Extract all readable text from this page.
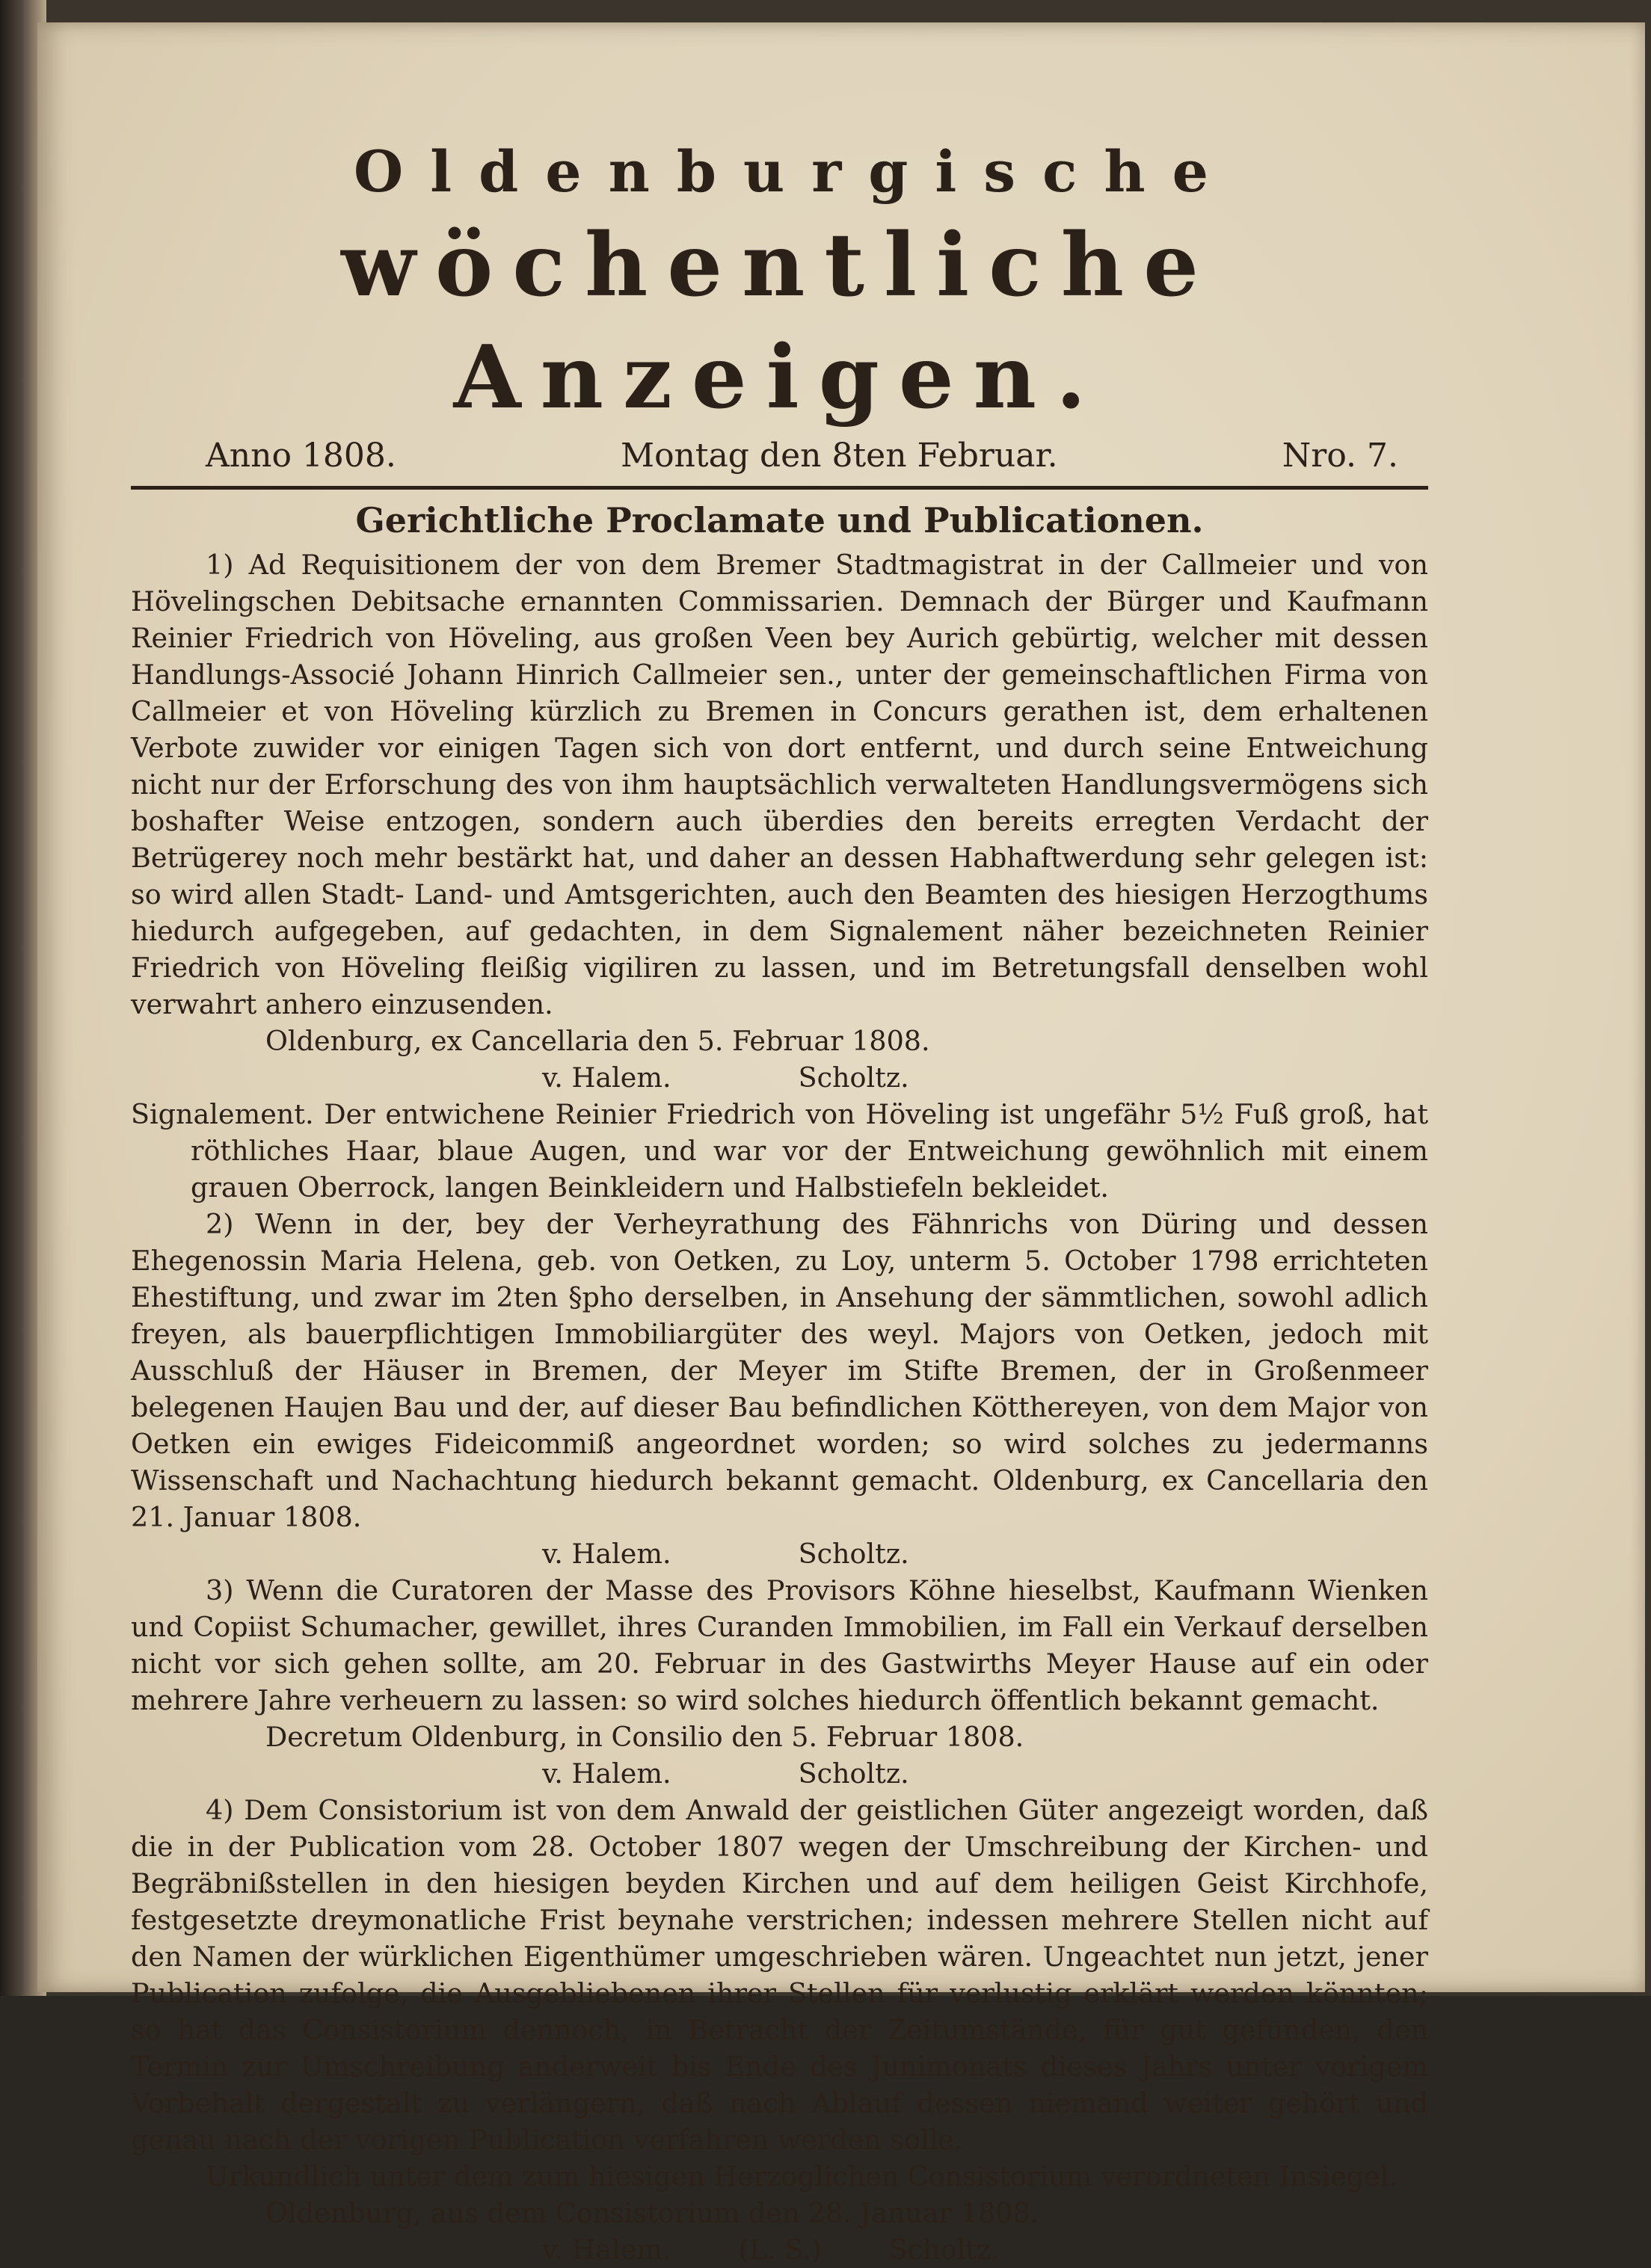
Oldenburgische
wöchentliche Anzeigen.
Anno 1808.	Montag den 8ten Februar.	Nro. 7.
Gerichtliche Proclamate und Publicationen.

1) Ad Requisitionem der von dem Bremer Stadtmagistrat in der Callmeier und von Hövelingschen Debitsache ernannten Commissarien. Demnach der Bürger und Kaufmann Reinier Friedrich von Höveling, aus großen Veen bey Aurich gebürtig, welcher mit dessen Handlungs-Associé Johann Hinrich Callmeier sen., unter der gemeinschaftlichen Firma von Callmeier et von Höveling kürzlich zu Bremen in Concurs gerathen ist, dem erhaltenen Verbote zuwider vor einigen Tagen sich von dort entfernt, und durch seine Entweichung nicht nur der Erforschung des von ihm hauptsächlich verwalteten Handlungsvermögens sich boshafter Weise entzogen, sondern auch überdies den bereits erregten Verdacht der Betrügerey noch mehr bestärkt hat, und daher an dessen Habhaftwerdung sehr gelegen ist: so wird allen Stadt- Land- und Amtsgerichten, auch den Beamten des hiesigen Herzogthums hiedurch aufgegeben, auf gedachten, in dem Signalement näher bezeichneten Reinier Friedrich von Höveling fleißig vigiliren zu lassen, und im Betretungsfall denselben wohl verwahrt anhero einzusenden.

Oldenburg, ex Cancellaria den 5. Februar 1808.

v. Halem.	Scholtz.

Signalement. Der entwichene Reinier Friedrich von Höveling ist ungefähr 5½ Fuß groß, hat röthliches Haar, blaue Augen, und war vor der Entweichung gewöhnlich mit einem grauen Oberrock, langen Beinkleidern und Halbstiefeln bekleidet.

2) Wenn in der, bey der Verheyrathung des Fähnrichs von Düring und dessen Ehegenossin Maria Helena, geb. von Oetken, zu Loy, unterm 5. October 1798 errichteten Ehestiftung, und zwar im 2ten §pho derselben, in Ansehung der sämmtlichen, sowohl adlich freyen, als bauerpflichtigen Immobiliargüter des weyl. Majors von Oetken, jedoch mit Ausschluß der Häuser in Bremen, der Meyer im Stifte Bremen, der in Großenmeer belegenen Haujen Bau und der, auf dieser Bau befindlichen Kötthereyen, von dem Major von Oetken ein ewiges Fideicommiß angeordnet worden; so wird solches zu jedermanns Wissenschaft und Nachachtung hiedurch bekannt gemacht. Oldenburg, ex Cancellaria den 21. Januar 1808.

v. Halem.	Scholtz.

3) Wenn die Curatoren der Masse des Provisors Köhne hieselbst, Kaufmann Wienken und Copiist Schumacher, gewillet, ihres Curanden Immobilien, im Fall ein Verkauf derselben nicht vor sich gehen sollte, am 20. Februar in des Gastwirths Meyer Hause auf ein oder mehrere Jahre verheuern zu lassen: so wird solches hiedurch öffentlich bekannt gemacht.

Decretum Oldenburg, in Consilio den 5. Februar 1808.

v. Halem.	Scholtz.

4) Dem Consistorium ist von dem Anwald der geistlichen Güter angezeigt worden, daß die in der Publication vom 28. October 1807 wegen der Umschreibung der Kirchen- und Begräbnißstellen in den hiesigen beyden Kirchen und auf dem heiligen Geist Kirchhofe, festgesetzte dreymonatliche Frist beynahe verstrichen; indessen mehrere Stellen nicht auf den Namen der würklichen Eigenthümer umgeschrieben wären. Ungeachtet nun jetzt, jener Publication zufolge, die Ausgebliebenen ihrer Stellen für verlustig erklärt werden könnten; so hat das Consistorium dennoch, in Betracht der Zeitumstände, für gut gefunden, den Termin zur Umschreibung anderweit bis Ende des Junimonats dieses Jahrs unter vorigem Vorbehalt dergestalt zu verlängern, daß nach Ablauf dessen niemand weiter gehört und genau nach der vorigen Publication verfahren werden solle.

Urkundlich unter dem zum hiesigen Herzoglichen Consistorium verordneten Insiegel.

Oldenburg, aus dem Consistorium den 28. Januar 1808.

v. Halem. (L. S.) Scholtz.
